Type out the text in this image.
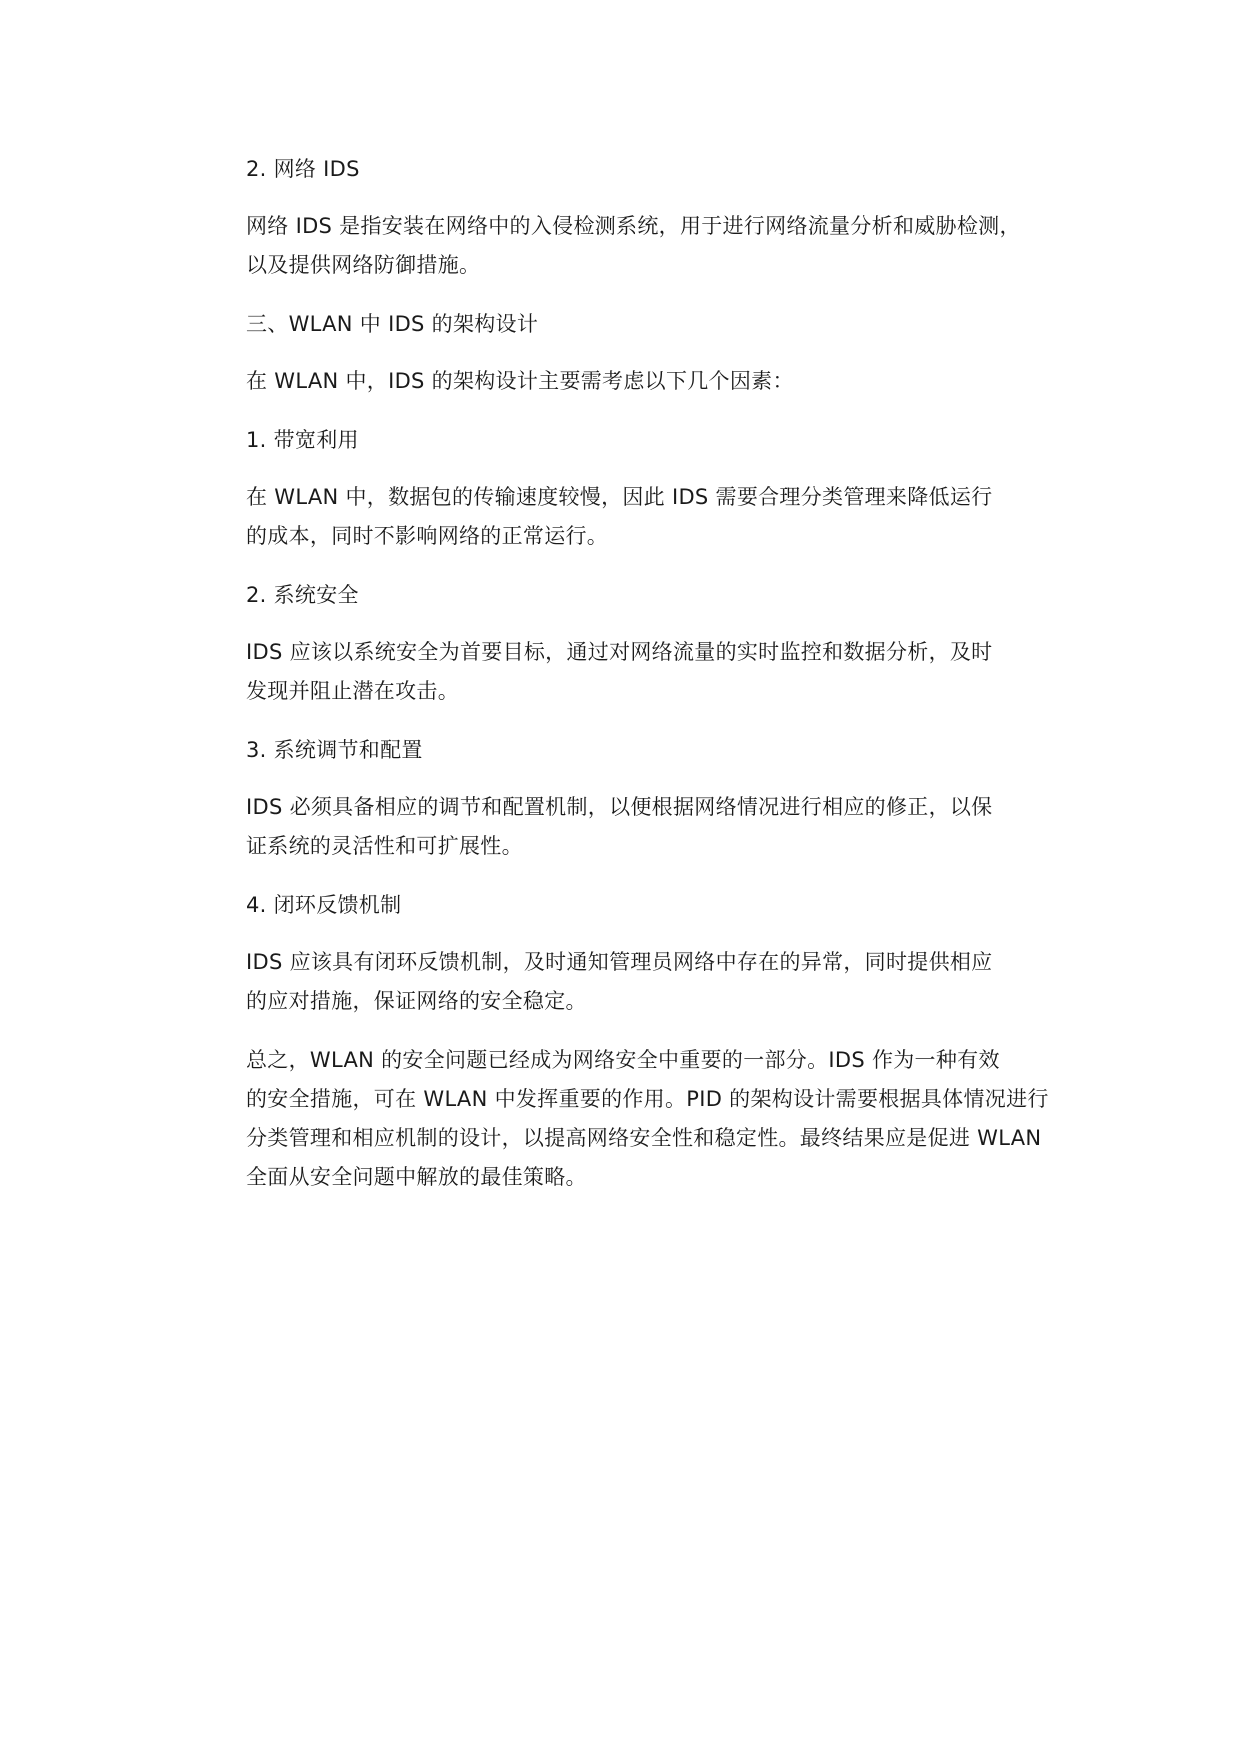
2. 网络 IDS

网络 IDS 是指安装在网络中的入侵检测系统，用于进行网络流量分析和威胁检测，
以及提供网络防御措施。

三、WLAN 中 IDS 的架构设计

在 WLAN 中，IDS 的架构设计主要需考虑以下几个因素：

1. 带宽利用

在 WLAN 中，数据包的传输速度较慢，因此 IDS 需要合理分类管理来降低运行
的成本，同时不影响网络的正常运行。

2. 系统安全

IDS 应该以系统安全为首要目标，通过对网络流量的实时监控和数据分析，及时
发现并阻止潜在攻击。

3. 系统调节和配置

IDS 必须具备相应的调节和配置机制，以便根据网络情况进行相应的修正，以保
证系统的灵活性和可扩展性。

4. 闭环反馈机制

IDS 应该具有闭环反馈机制，及时通知管理员网络中存在的异常，同时提供相应
的应对措施，保证网络的安全稳定。

总之，WLAN 的安全问题已经成为网络安全中重要的一部分。IDS 作为一种有效
的安全措施，可在 WLAN 中发挥重要的作用。PID 的架构设计需要根据具体情况进行
分类管理和相应机制的设计，以提高网络安全性和稳定性。最终结果应是促进 WLAN
全面从安全问题中解放的最佳策略。
